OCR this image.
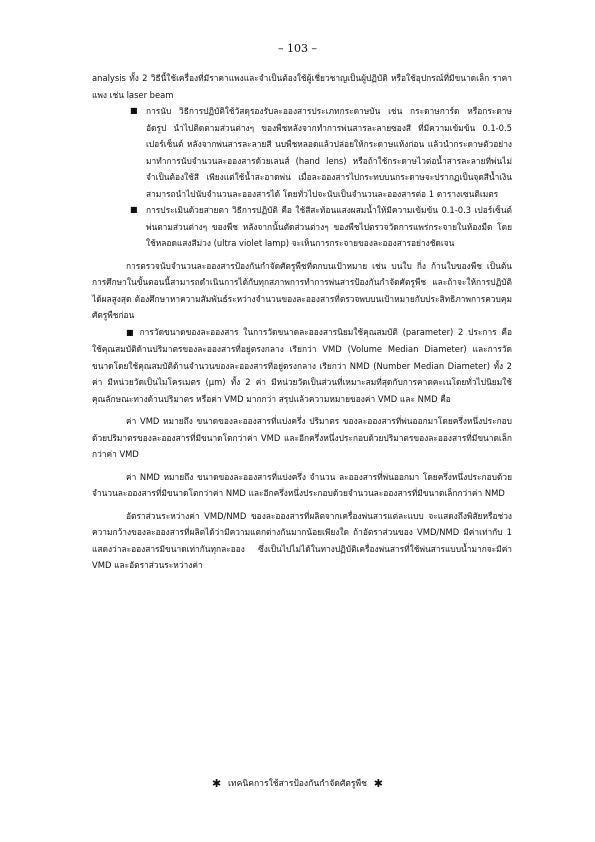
– 103 –

analysis ทั้ง 2 วิธีนี้ใช้เครื่องที่มีราคาแพงและจำเป็นต้องใช้ผู้เชี่ยวชาญเป็นผู้ปฏิบัติ หรือใช้อุปกรณ์ที่มีขนาดเล็ก ราคาแพง เช่น laser beam

■	การนับ วิธีการปฏิบัติใช้วัสดุรองรับละอองสารประเภทกระดาษบัน เช่น กระดาษการ์ด หรือกระดาษอัดรูป นำไปติดตามส่วนต่างๆ ของพืชหลังจากทำการพ่นสารละลายซองสี ที่มีความเข้มข้น 0.1-0.5 เปอร์เซ็นต์ หลังจากพ่นสารละลายสี นบพืชหลอดแล้วปล่อยให้กระดาษแห้งก่อน แล้วนำกระดาษตัวอย่างมาทำการนับจำนวนละอองสารด้วยเลนส์ (hand lens) หรือถ้าใช้กระดาษไวต่อน้ำสารละลายที่พ่นไม่จำเป็นต้องใช้สี เพียงแต่ใช้น้ำสะอาดพ่น เมื่อละอองสารไปกระทบบนกระดาษจะปรากฏเป็นจุดสีน้ำเงิน สามารถนำไปนับจำนวนละอองสารได้ โดยทั่วไปจะนับเป็นจำนวนละอองสารต่อ 1 ตารางเซนติเมตร
■	การประเมินด้วยสายตา วิธีการปฏิบัติ คือ ใช้สีสะท้อนแสงผสมน้ำให้มีความเข้มข้น 0.1-0.3 เปอร์เซ็นต์ พ่นตามส่วนต่างๆ ของพืช หลังจากนั้นตัดส่วนต่างๆ ของพืชไปตรวจวัดการแพร่กระจายในห้องมืด โดยใช้หลอดแสงสีม่วง (ultra violet lamp) จะเห็นการกระจายของละอองสารอย่างชัดเจน

การตรวจนับจำนวนละอองสารป้องกันกำจัดศัตรูพืชที่ตกบนเป้าหมาย เช่น บนใบ กิ่ง ก้านใบของพืช เป็นต้น การศึกษาในขั้นตอนนี้สามารถดำเนินการได้กับทุกสภาพการทำการพ่นสารป้องกันกำจัดศัตรูพืช และถ้าจะให้การปฏิบัติได้ผลสูงสุด ต้องศึกษาหาความสัมพันธ์ระหว่างจำนวนของละอองสารที่ตรวจพบบนเป้าหมายกับประสิทธิภาพการควบคุมศัตรูพืชก่อน

■ การวัดขนาดของละอองสาร ในการวัดขนาดละอองสารนิยมใช้คุณสมบัติ (parameter) 2 ประการ คือ ใช้คุณสมบัติด้านปริมาตรของละอองสารที่อยู่ตรงกลาง เรียกว่า VMD (Volume Median Diameter) และการวัดขนาดโดยใช้คุณสมบัติด้านจำนวนของละอองสารที่อยู่ตรงกลาง เรียกว่า NMD (Number Median Diameter) ทั้ง 2 ค่า มีหน่วยวัดเป็นไมโครเมตร (µm) ทั้ง 2 ค่า มีหน่วยวัดเป็นส่วนที่เหมาะสมที่สุดกับการคาดคะเนโดยทั่วไปนิยมใช้คุณลักษณะทางด้านปริมาตร หรือค่า VMD มากกว่า สรุปแล้วความหมายของค่า VMD และ NMD คือ

ค่า VMD หมายถึง ขนาดของละอองสารที่แบ่งครึ่ง ปริมาตร ของละอองสารที่พ่นออกมาโดยครึ่งหนึ่งประกอบด้วยปริมาตรของละอองสารที่มีขนาดโตกว่าค่า VMD และอีกครึ่งหนึ่งประกอบด้วยปริมาตรของละอองสารที่มีขนาดเล็กกว่าค่า VMD

ค่า NMD หมายถึง ขนาดของละอองสารที่แบ่งครึ่ง จำนวน ละอองสารที่พ่นออกมา โดยครึ่งหนึ่งประกอบด้วยจำนวนละอองสารที่มีขนาดโตกว่าค่า NMD และอีกครึ่งหนึ่งประกอบด้วยจำนวนละอองสารที่มีขนาดเล็กกว่าค่า NMD

อัตราส่วนระหว่างค่า VMD/NMD ของละอองสารที่ผลิตจากเครื่องพ่นสารแต่ละแบบ จะแสดงถึงพิสัยหรือช่วงความกว้างของละอองสารที่ผลิตได้ว่ามีความแตกต่างกันมากน้อยเพียงใด ถ้าอัตราส่วนของ VMD/NMD มีค่าเท่ากับ 1 แสดงว่าละอองสารมีขนาดเท่ากันทุกละออง ซึ่งเป็นไปไม่ได้ในทางปฏิบัติเครื่องพ่นสารที่ใช้พ่นสารแบบน้ำมากจะมีค่า VMD และอัตราส่วนระหว่างค่า

✱ เทคนิคการใช้สารป้องกันกำจัดศัตรูพืช ✱
